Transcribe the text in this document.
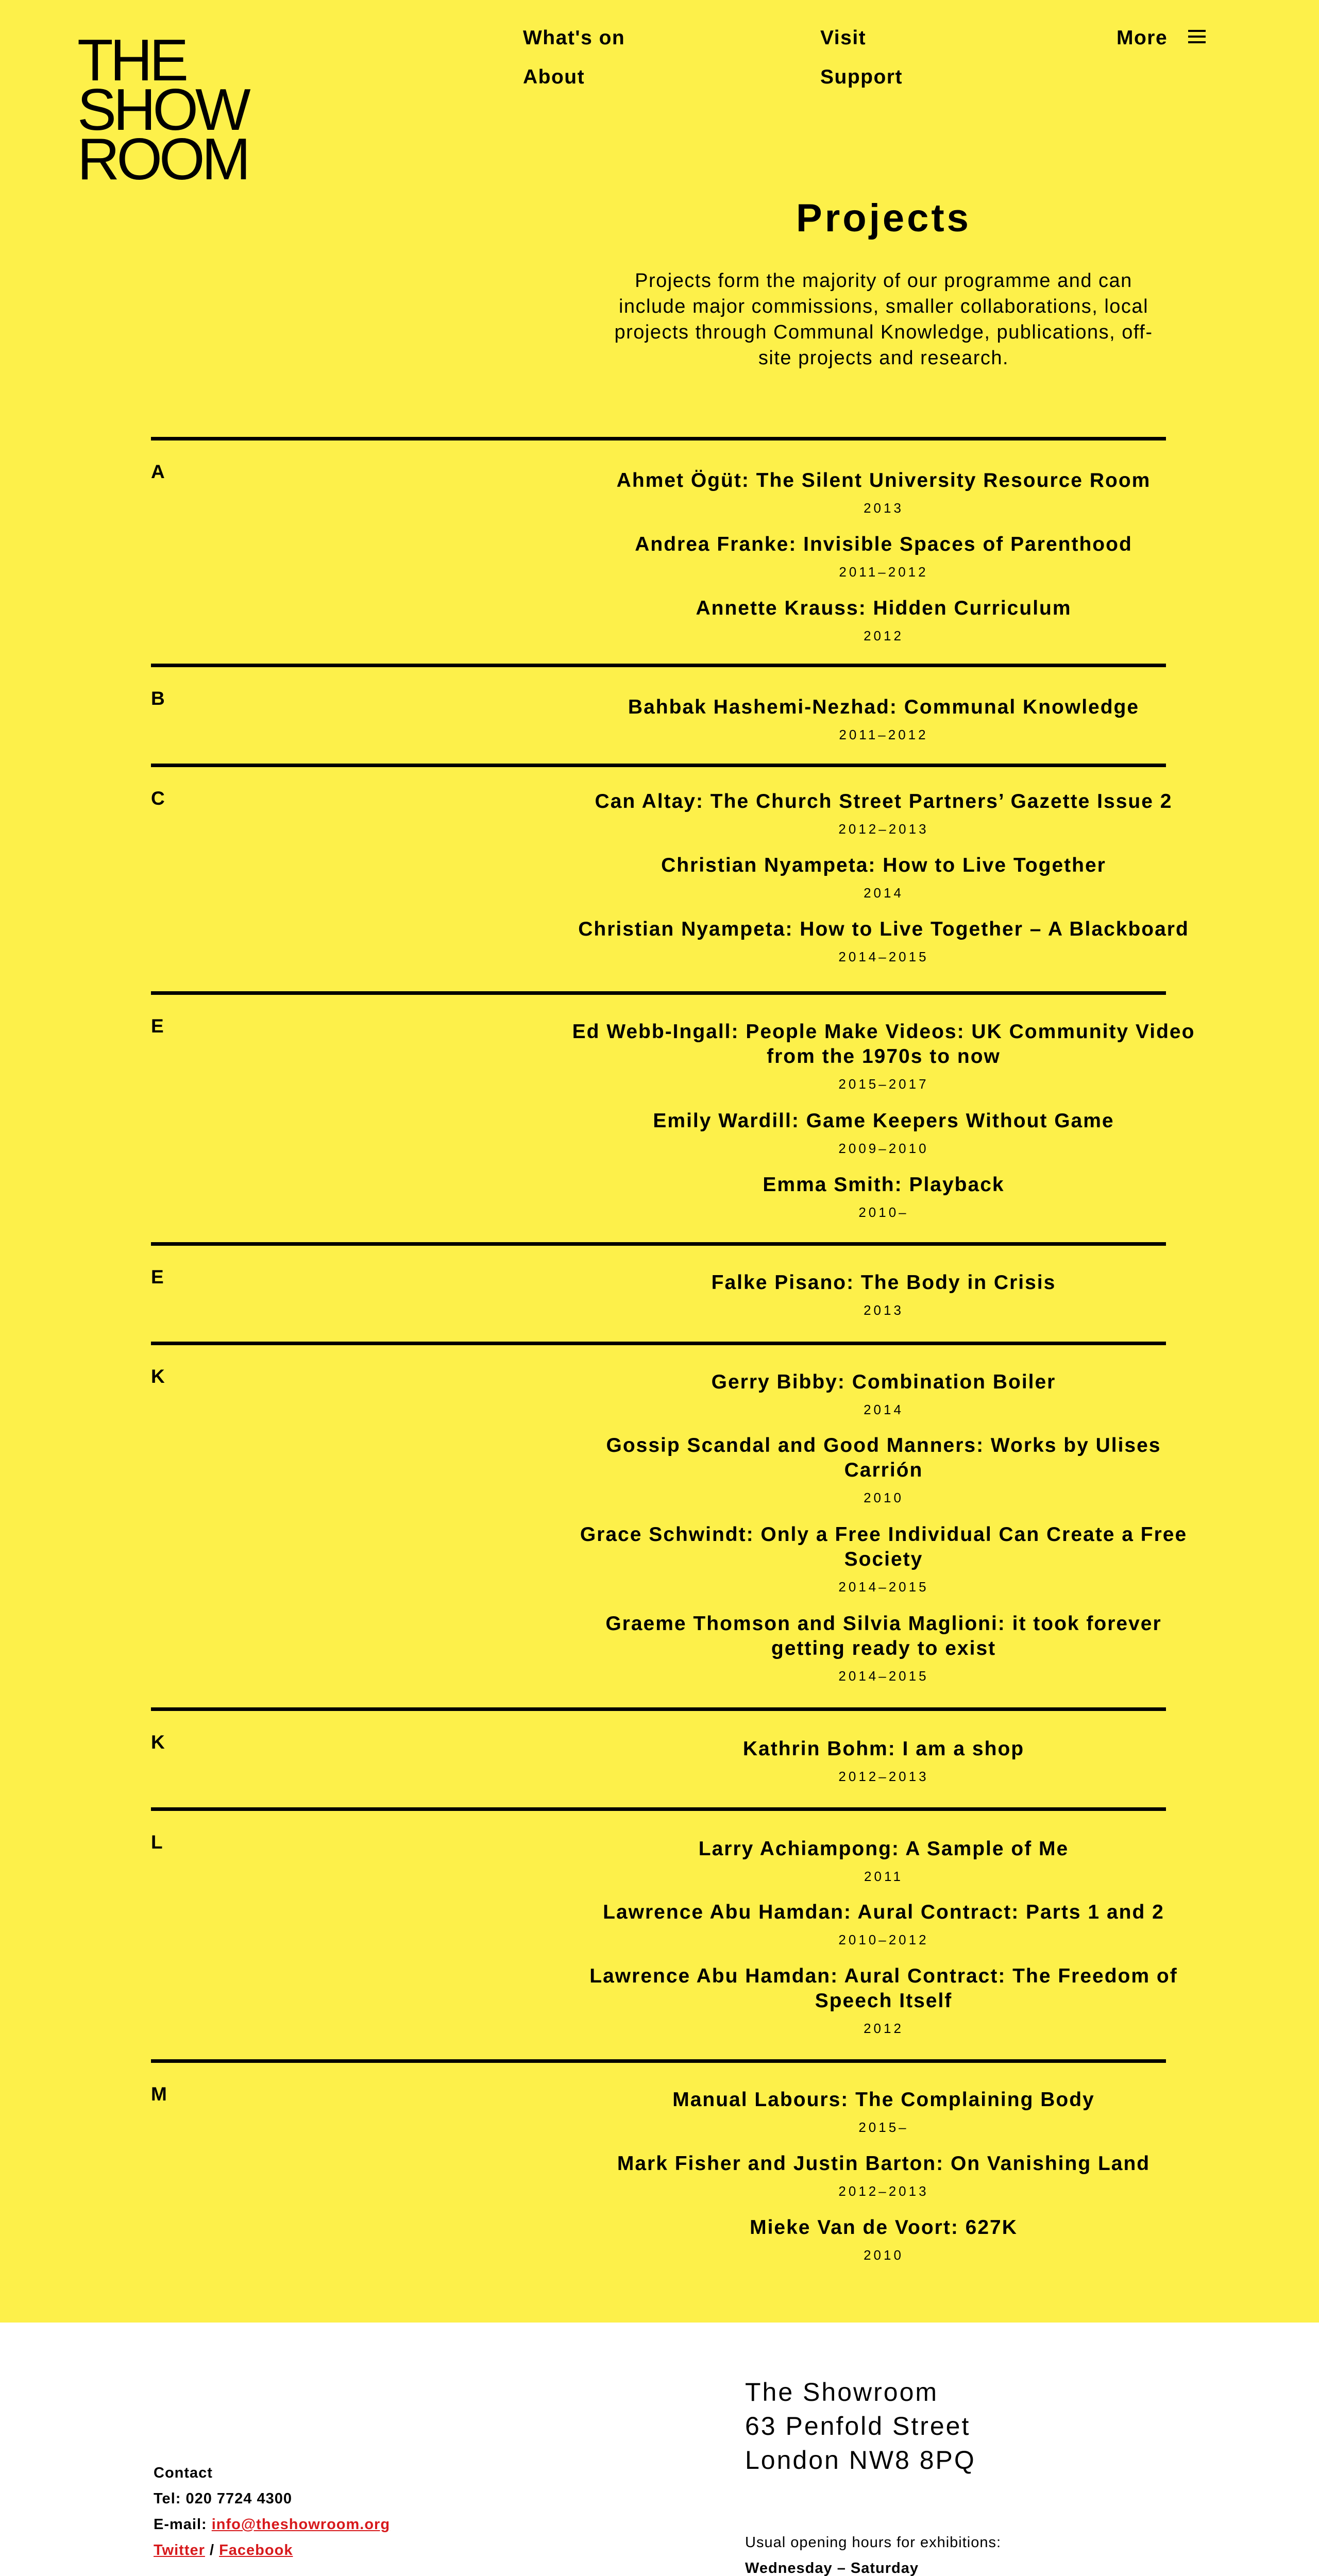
THE
SHOW
ROOM
What's on	Visit	More
About	Support
Projects

Projects form the majority of our programme and can include major commissions, smaller collaborations, local projects through Communal Knowledge, publications, off-site projects and research.

A	Ahmet Ögüt: The Silent University Resource Room
2013
Andrea Franke: Invisible Spaces of Parenthood
2011–2012
Annette Krauss: Hidden Curriculum
2012
B	Bahbak Hashemi-Nezhad: Communal Knowledge
2011–2012
C	Can Altay: The Church Street Partners’ Gazette Issue 2
2012–2013
Christian Nyampeta: How to Live Together
2014
Christian Nyampeta: How to Live Together – A Blackboard
2014–2015
E	Ed Webb-Ingall: People Make Videos: UK Community Video from the 1970s to now
2015–2017
Emily Wardill: Game Keepers Without Game
2009–2010
Emma Smith: Playback
2010–
E	Falke Pisano: The Body in Crisis
2013
K	Gerry Bibby: Combination Boiler
2014
Gossip Scandal and Good Manners: Works by Ulises Carrión
2010
Grace Schwindt: Only a Free Individual Can Create a Free Society
2014–2015
Graeme Thomson and Silvia Maglioni: it took forever getting ready to exist
2014–2015
K	Kathrin Bohm: I am a shop
2012–2013
L	Larry Achiampong: A Sample of Me
2011
Lawrence Abu Hamdan: Aural Contract: Parts 1 and 2
2010–2012
Lawrence Abu Hamdan: Aural Contract: The Freedom of Speech Itself
2012
M	Manual Labours: The Complaining Body
2015–
Mark Fisher and Justin Barton: On Vanishing Land
2012–2013
Mieke Van de Voort: 627K
2010
Contact
Tel: 020 7724 4300
E-mail: info@theshowroom.org
Twitter / Facebook
The Showroom
63 Penfold Street
London NW8 8PQ
Usual opening hours for exhibitions:
Wednesday – Saturday
